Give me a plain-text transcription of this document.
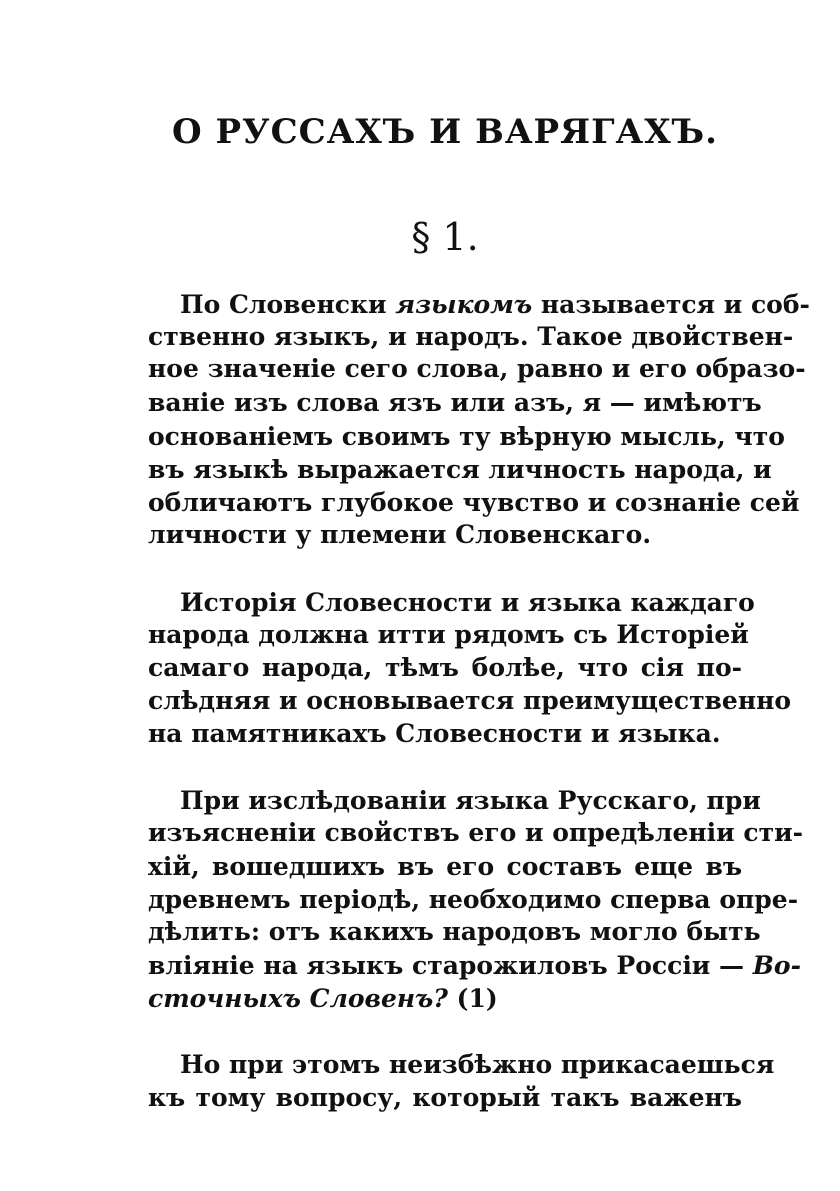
О РУССАХЪ И ВАРЯГАХЪ.
§ 1.
По Словенски языкомъ называется и соб-
ственно языкъ, и народъ. Такое двойствен-
ное значенiе сего слова, равно и его образо-
ванiе изъ слова язъ или азъ, я — имѣютъ
основанiемъ своимъ ту вѣрную мысль, что
въ языкѣ выражается личность народа, и
обличаютъ глубокое чувство и сознанiе сей
личности у племени Словенскаго.
Исторiя Словесности и языка каждаго
народа должна итти рядомъ съ Исторiей
самаго народа, тѣмъ болѣе, что сiя по-
слѣдняя и основывается преимущественно
на памятникахъ Словесности и языка.
При изслѣдованiи языка Русскаго, при
изъясненiи свойствъ его и опредѣленiи сти-
хiй, вошедшихъ въ его составъ еще въ
древнемъ перiодѣ, необходимо сперва опре-
дѣлить: отъ какихъ народовъ могло быть
влiянiе на языкъ старожиловъ Россiи — Во-
сточныхъ Словенъ? (1)
Но при этомъ неизбѣжно прикасаешься
къ тому вопросу, который такъ важенъ
